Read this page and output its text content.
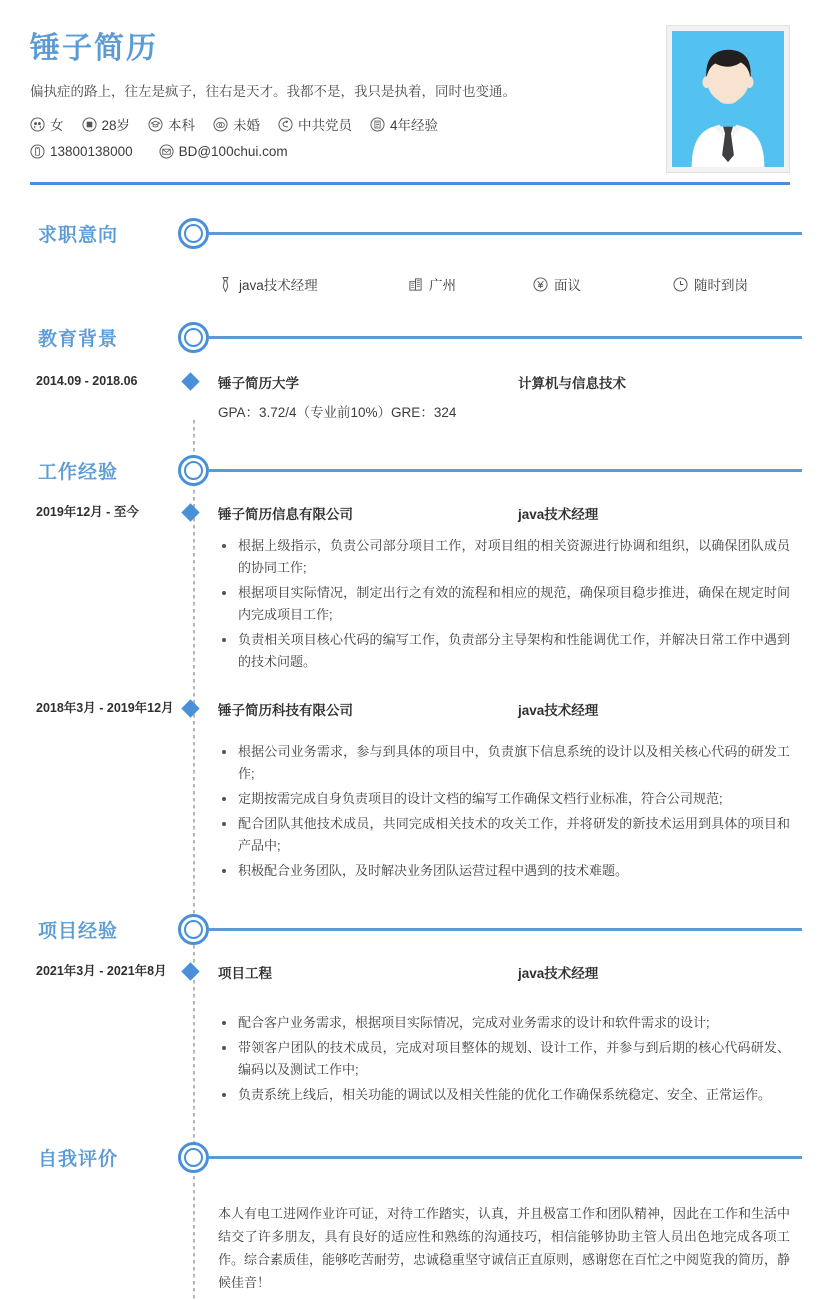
锤子简历
偏执症的路上，往左是疯子，往右是天才。我都不是，我只是执着，同时也变通。
女	28岁	本科	未婚	中共党员	4年经验
13800138000	BD@100chui.com
求职意向
java技术经理	广州	面议	随时到岗
教育背景
2014.09 - 2018.06	锤子简历大学	计算机与信息技术
GPA：3.72/4（专业前10%）GRE：324
工作经验
2019年12月 - 至今	锤子简历信息有限公司	java技术经理
根据上级指示，负责公司部分项目工作，对项目组的相关资源进行协调和组织，以确保团队成员的协同工作;
根据项目实际情况，制定出行之有效的流程和相应的规范，确保项目稳步推进，确保在规定时间内完成项目工作;
负责相关项目核心代码的编写工作，负责部分主导架构和性能调优工作，并解决日常工作中遇到的技术问题。
2018年3月 - 2019年12月	锤子简历科技有限公司	java技术经理
根据公司业务需求，参与到具体的项目中，负责旗下信息系统的设计以及相关核心代码的研发工作;
定期按需完成自身负责项目的设计文档的编写工作确保文档行业标准，符合公司规范;
配合团队其他技术成员，共同完成相关技术的攻关工作，并将研发的新技术运用到具体的项目和产品中;
积极配合业务团队，及时解决业务团队运营过程中遇到的技术难题。
项目经验
2021年3月 - 2021年8月	项目工程	java技术经理
配合客户业务需求，根据项目实际情况，完成对业务需求的设计和软件需求的设计;
带领客户团队的技术成员，完成对项目整体的规划、设计工作，并参与到后期的核心代码研发、编码以及测试工作中;
负责系统上线后，相关功能的调试以及相关性能的优化工作确保系统稳定、安全、正常运作。
自我评价
本人有电工进网作业许可证，对待工作踏实，认真，并且极富工作和团队精神，因此在工作和生活中结交了许多朋友，具有良好的适应性和熟练的沟通技巧，相信能够协助主管人员出色地完成各项工作。综合素质佳，能够吃苦耐劳，忠诚稳重坚守诚信正直原则，感谢您在百忙之中阅览我的简历，静候佳音！
